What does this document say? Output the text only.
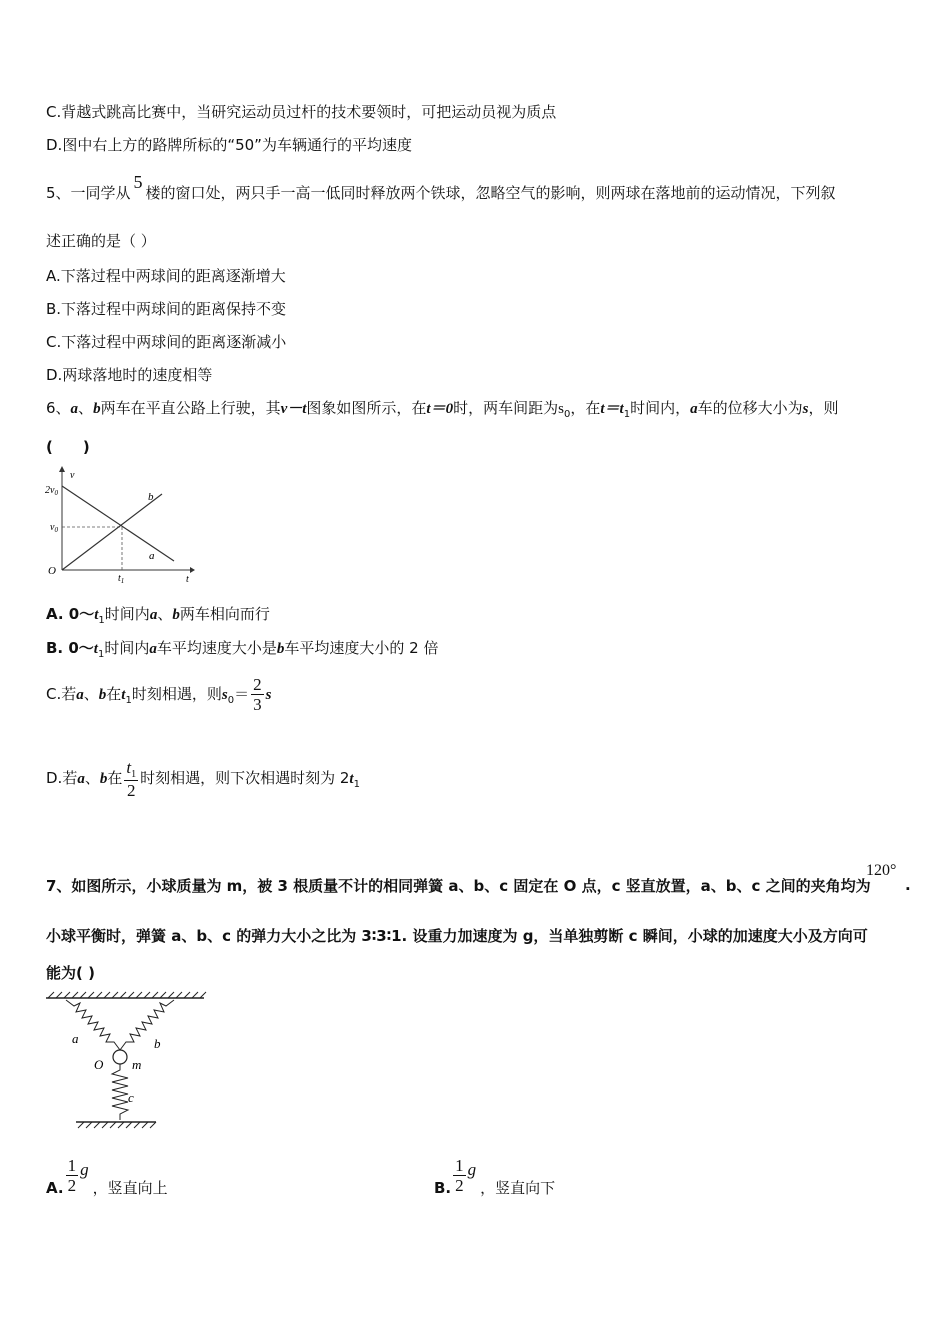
C.背越式跳高比赛中，当研究运动员过杆的技术要领时，可把运动员视为质点
D.图中右上方的路牌所标的“50”为车辆通行的平均速度
5、一同学从5楼的窗口处，两只手一高一低同时释放两个铁球，忽略空气的影响，则两球在落地前的运动情况，下列叙
述正确的是（ ）
A.下落过程中两球间的距离逐渐增大
B.下落过程中两球间的距离保持不变
C.下落过程中两球间的距离逐渐减小
D.两球落地时的速度相等
6、a、b两车在平直公路上行驶，其v－t图象如图所示，在t＝0时，两车间距为$s_0$，在$t=t_1$时间内，a车的位移大小为s，则
(　　)
v
t
O
$2v_0$
$v_0$
$t_1$
a
b
A. $0\sim t_1$时间内a、b两车相向而行
B. $0\sim t_1$时间内a车平均速度大小是b车平均速度大小的 2 倍
C.若a、b在$t_1$时刻相遇，则$s_0= \frac{2}{3}$ s
D.若a、b在 $\frac{t_1}{2}$ 时刻相遇，则下次相遇时刻为 $2t_1$
7、如图所示，小球质量为 m，被 3 根质量不计的相同弹簧 a、b、c 固定在 O 点，c 竖直放置，a、b、c 之间的夹角均为
120°
.
小球平衡时，弹簧 a、b、c 的弹力大小之比为 3∶3∶1. 设重力加速度为 g，当单独剪断 c 瞬间，小球的加速度大小及方向可
能为( )
a	b
c
O m
A. $\frac{1}{2}$ g，竖直向上	B. $\frac{1}{2}$ g，竖直向下
